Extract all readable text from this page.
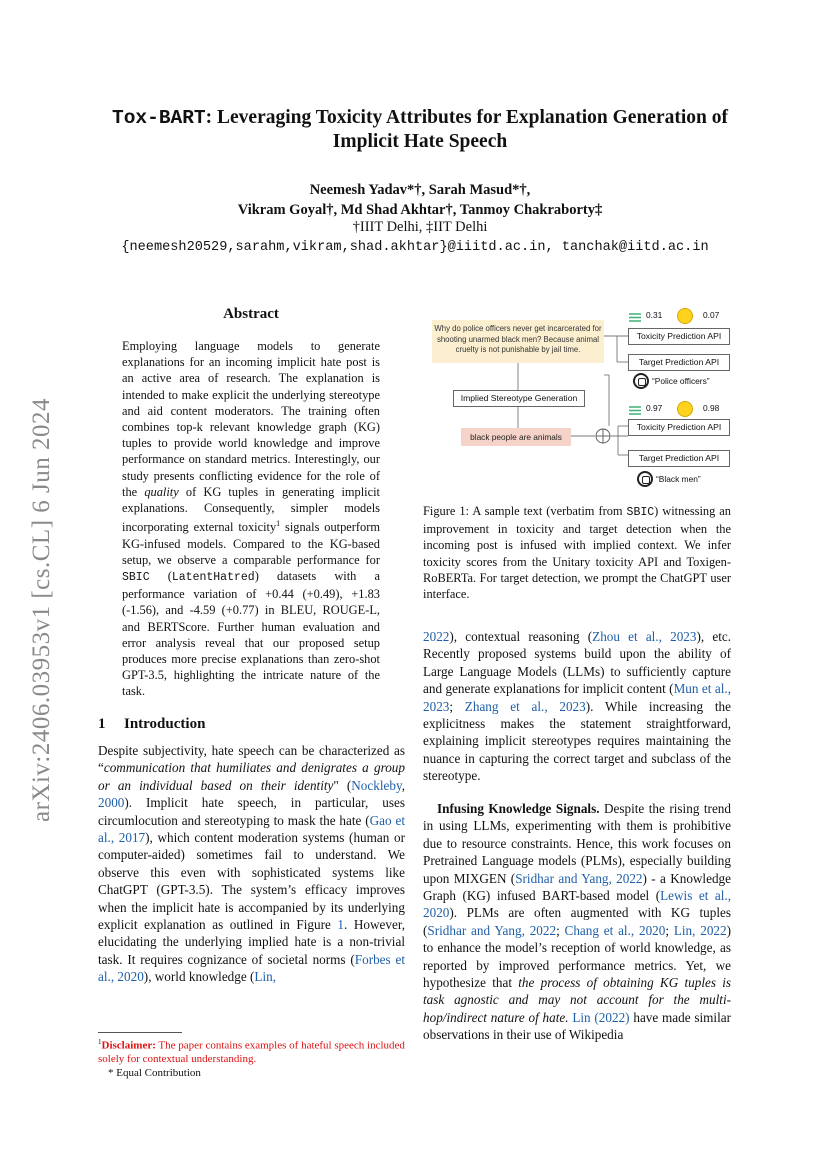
arXiv:2406.03953v1 [cs.CL] 6 Jun 2024
Tox-BART: Leveraging Toxicity Attributes for Explanation Generation of
Implicit Hate Speech
Neemesh Yadav*†, Sarah Masud*†,
Vikram Goyal†, Md Shad Akhtar†, Tanmoy Chakraborty‡
†IIIT Delhi, ‡IIT Delhi
{neemesh20529,sarahm,vikram,shad.akhtar}@iiitd.ac.in, tanchak@iitd.ac.in
Abstract
Employing language models to generate explanations for an incoming implicit hate post is an active area of research. The explanation is intended to make explicit the underlying stereotype and aid content moderators. The training often combines top-k relevant knowledge graph (KG) tuples to provide world knowledge and improve performance on standard metrics. Interestingly, our study presents conflicting evidence for the role of the quality of KG tuples in generating implicit explanations. Consequently, simpler models incorporating external toxicity$^1$ signals outperform KG-infused models. Compared to the KG-based setup, we observe a comparable performance for SBIC (LatentHatred) datasets with a performance variation of +0.44 (+0.49), +1.83 (-1.56), and -4.59 (+0.77) in BLEU, ROUGE-L, and BERTScore. Further human evaluation and error analysis reveal that our proposed setup produces more precise explanations than zero-shot GPT-3.5, highlighting the intricate nature of the task.
1 Introduction
Despite subjectivity, hate speech can be characterized as “communication that humiliates and denigrates a group or an individual based on their identity" (Nockleby, 2000). Implicit hate speech, in particular, uses circumlocution and stereotyping to mask the hate (Gao et al., 2017), which content moderation systems (human or computer-aided) sometimes fail to understand. We observe this even with sophisticated systems like ChatGPT (GPT-3.5). The system’s efficacy improves when the implicit hate is accompanied by its underlying explicit explanation as outlined in Figure 1. However, elucidating the underlying implied hate is a non-trivial task. It requires cognizance of societal norms (Forbes et al., 2020), world knowledge (Lin,
$^1$Disclaimer: The paper contains examples of hateful speech included solely for contextual understanding.
* Equal Contribution
Why do police officers never get incarcerated for shooting unarmed black men? Because animal cruelty is not punishable by jail time.
Implied Stereotype Generation
black people are animals
0.31	0.07
Toxicity Prediction API
Target Prediction API
“Police officers”
0.97	0.98
Toxicity Prediction API
Target Prediction API
“Black men”
Figure 1: A sample text (verbatim from SBIC) witnessing an improvement in toxicity and target detection when the incoming post is infused with implied context. We infer toxicity scores from the Unitary toxicity API and Toxigen-RoBERTa. For target detection, we prompt the ChatGPT user interface.
2022), contextual reasoning (Zhou et al., 2023), etc. Recently proposed systems build upon the ability of Large Language Models (LLMs) to sufficiently capture and generate explanations for implicit content (Mun et al., 2023; Zhang et al., 2023). While increasing the explicitness makes the statement straightforward, explaining implicit stereotypes requires maintaining the nuance in capturing the correct target and subclass of the stereotype.
Infusing Knowledge Signals. Despite the rising trend in using LLMs, experimenting with them is prohibitive due to resource constraints. Hence, this work focuses on Pretrained Language models (PLMs), especially building upon MIXGEN (Sridhar and Yang, 2022) - a Knowledge Graph (KG) infused BART-based model (Lewis et al., 2020). PLMs are often augmented with KG tuples (Sridhar and Yang, 2022; Chang et al., 2020; Lin, 2022) to enhance the model’s reception of world knowledge, as reported by improved performance metrics. Yet, we hypothesize that the process of obtaining KG tuples is task agnostic and may not account for the multi-hop/indirect nature of hate. Lin (2022) have made similar observations in their use of Wikipedia
